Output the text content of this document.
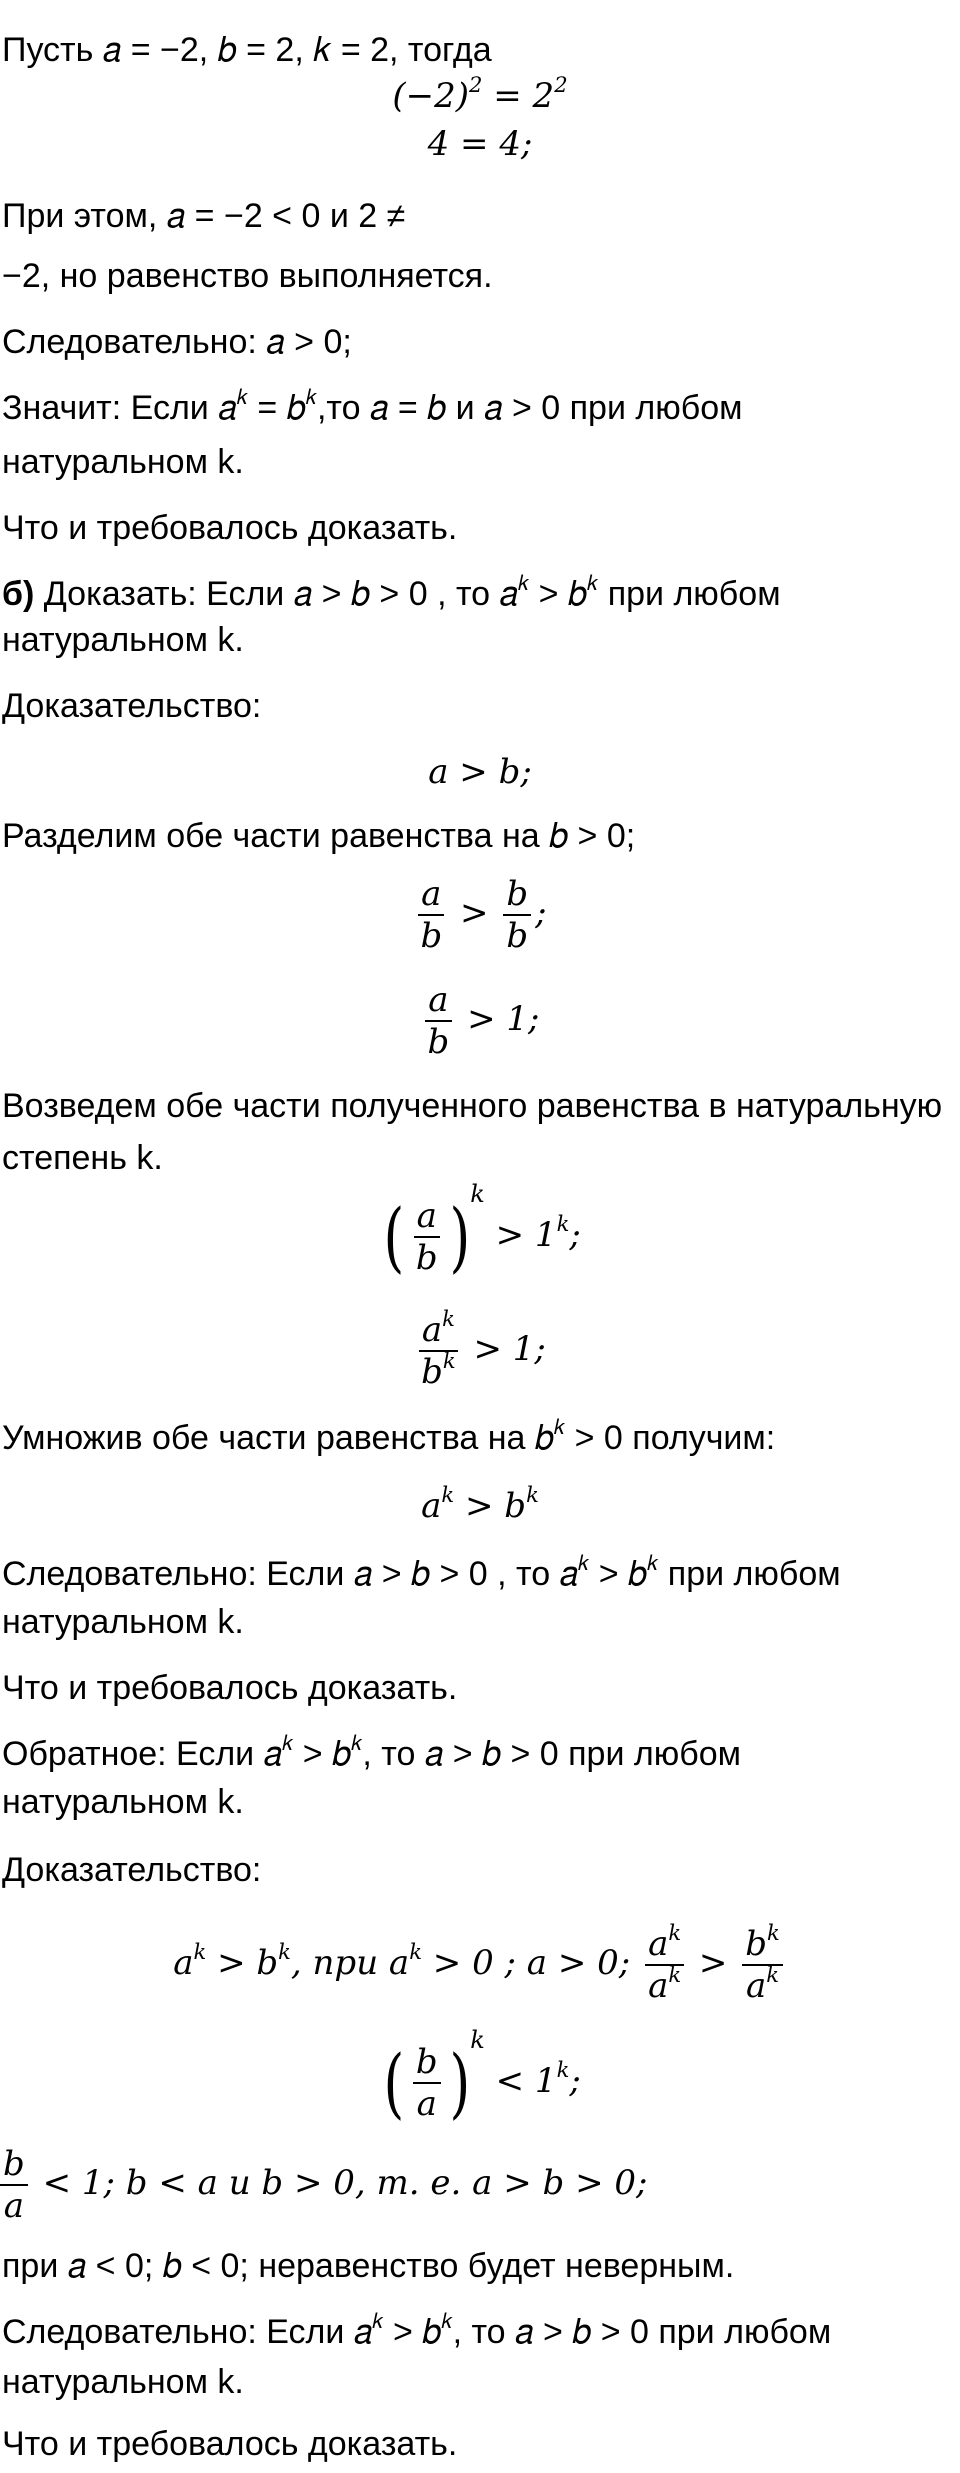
Пусть 𝑎 = −2, 𝑏 = 2, 𝑘 = 2, тогда
$(-2)^2 = 2^2$
4 = 4;
При этом, 𝑎 = −2 < 0 и 2 ≠
−2, но равенство выполняется.
Следовательно: 𝑎 > 0;
Значит: Если 𝑎$^𝑘$ = 𝑏$^𝑘$,то 𝑎 = 𝑏 и 𝑎 > 0 при любом
натуральном k.
Что и требовалось доказать.
б) Доказать: Если 𝑎 > 𝑏 > 0 , то 𝑎$^𝑘$ > 𝑏$^𝑘$ при любом
натуральном k.
Доказательство:
𝑎 > 𝑏;
Разделим обе части равенства на 𝑏 > 0;
$\frac{\text{𝑎}}{\text{𝑏}} > \frac{\text{𝑏}}{\text{𝑏}}$ ;
$\frac{\text{𝑎}}{\text{𝑏}} > 1$;
Возведем обе части полученного равенства в натуральную
степень k.
( $\frac{\text{𝑎}}{\text{𝑏}}$ )𝑘 > $1^𝑘$;
$\frac{𝑎^𝑘}{𝑏^𝑘} > 1$;
Умножив обе части равенства на 𝑏$^𝑘$ > 0 получим:
𝑎$^𝑘$ > 𝑏$^𝑘$
Следовательно: Если 𝑎 > 𝑏 > 0 , то 𝑎$^𝑘$ > 𝑏$^𝑘$ при любом
натуральном k.
Что и требовалось доказать.
Обратное: Если 𝑎$^𝑘$ > 𝑏$^𝑘$, то 𝑎 > 𝑏 > 0 при любом
натуральном k.
Доказательство:
𝑎$^𝑘$ > 𝑏$^𝑘$, при 𝑎$^𝑘$ > 0 ; 𝑎 > 0; $\frac{𝑎^𝑘}{𝑎^𝑘} > \frac{𝑏^𝑘}{𝑎^𝑘}$
( $\frac{\text{𝑏}}{\text{𝑎}}$ )𝑘 < $1^𝑘$;
$\frac{\text{𝑏}}{\text{𝑎}} < 1$; 𝑏 < 𝑎 и 𝑏 > 0, т. е. 𝑎 > 𝑏 > 0;
при 𝑎 < 0; 𝑏 < 0; неравенство будет неверным.
Следовательно: Если 𝑎$^𝑘$ > 𝑏$^𝑘$, то 𝑎 > 𝑏 > 0 при любом
натуральном k.
Что и требовалось доказать.
